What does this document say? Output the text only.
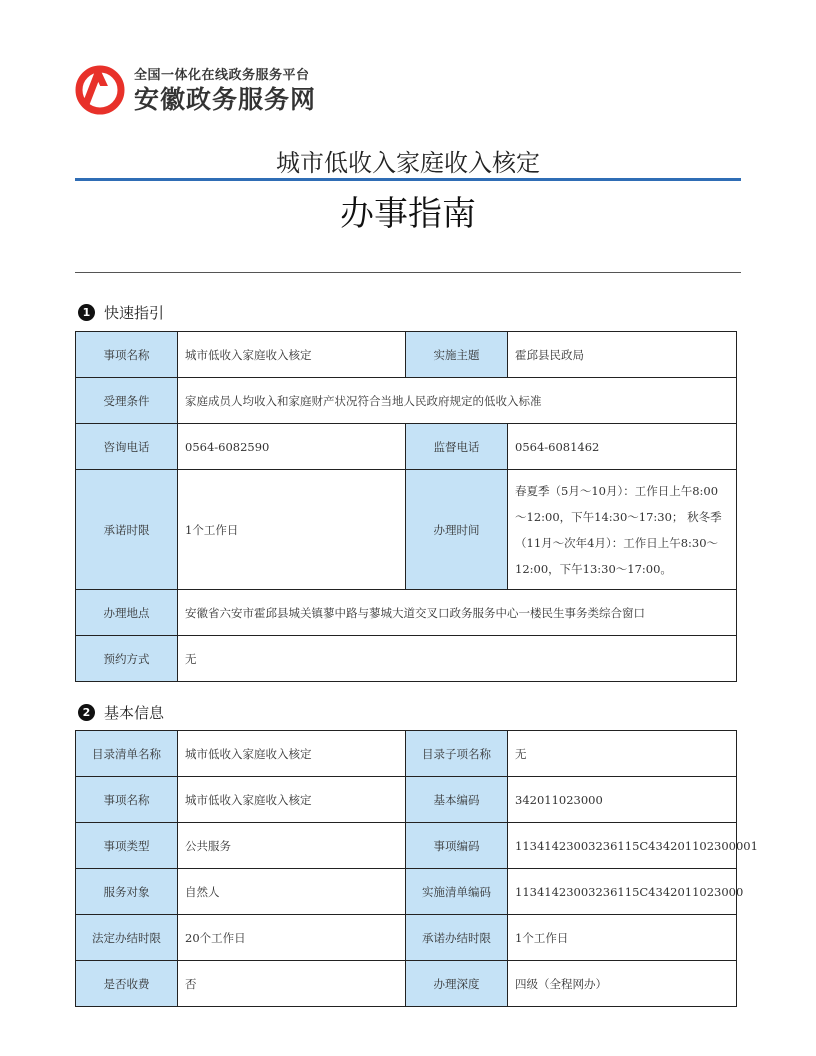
全国一体化在线政务服务平台
安徽政务服务网
城市低收入家庭收入核定
办事指南
1 快速指引
事项名称	城市低收入家庭收入核定	实施主题	霍邱县民政局
受理条件	家庭成员人均收入和家庭财产状况符合当地人民政府规定的低收入标准		
咨询电话	0564-6082590	监督电话	0564-6081462
承诺时限	1个工作日	办理时间	春夏季（5月～10月）：工作日上午8:00～12:00，下午14:30～17:30； 秋冬季（11月～次年4月）：工作日上午8:30～12:00，下午13:30～17:00。
办理地点	安徽省六安市霍邱县城关镇蓼中路与蓼城大道交叉口政务服务中心一楼民生事务类综合窗口		
预约方式	无		
2 基本信息
目录清单名称	城市低收入家庭收入核定	目录子项名称	无
事项名称	城市低收入家庭收入核定	基本编码	342011023000
事项类型	公共服务	事项编码	11341423003236115C434201102300001
服务对象	自然人	实施清单编码	11341423003236115C4342011023000
法定办结时限	20个工作日	承诺办结时限	1个工作日
是否收费	否	办理深度	四级（全程网办）
